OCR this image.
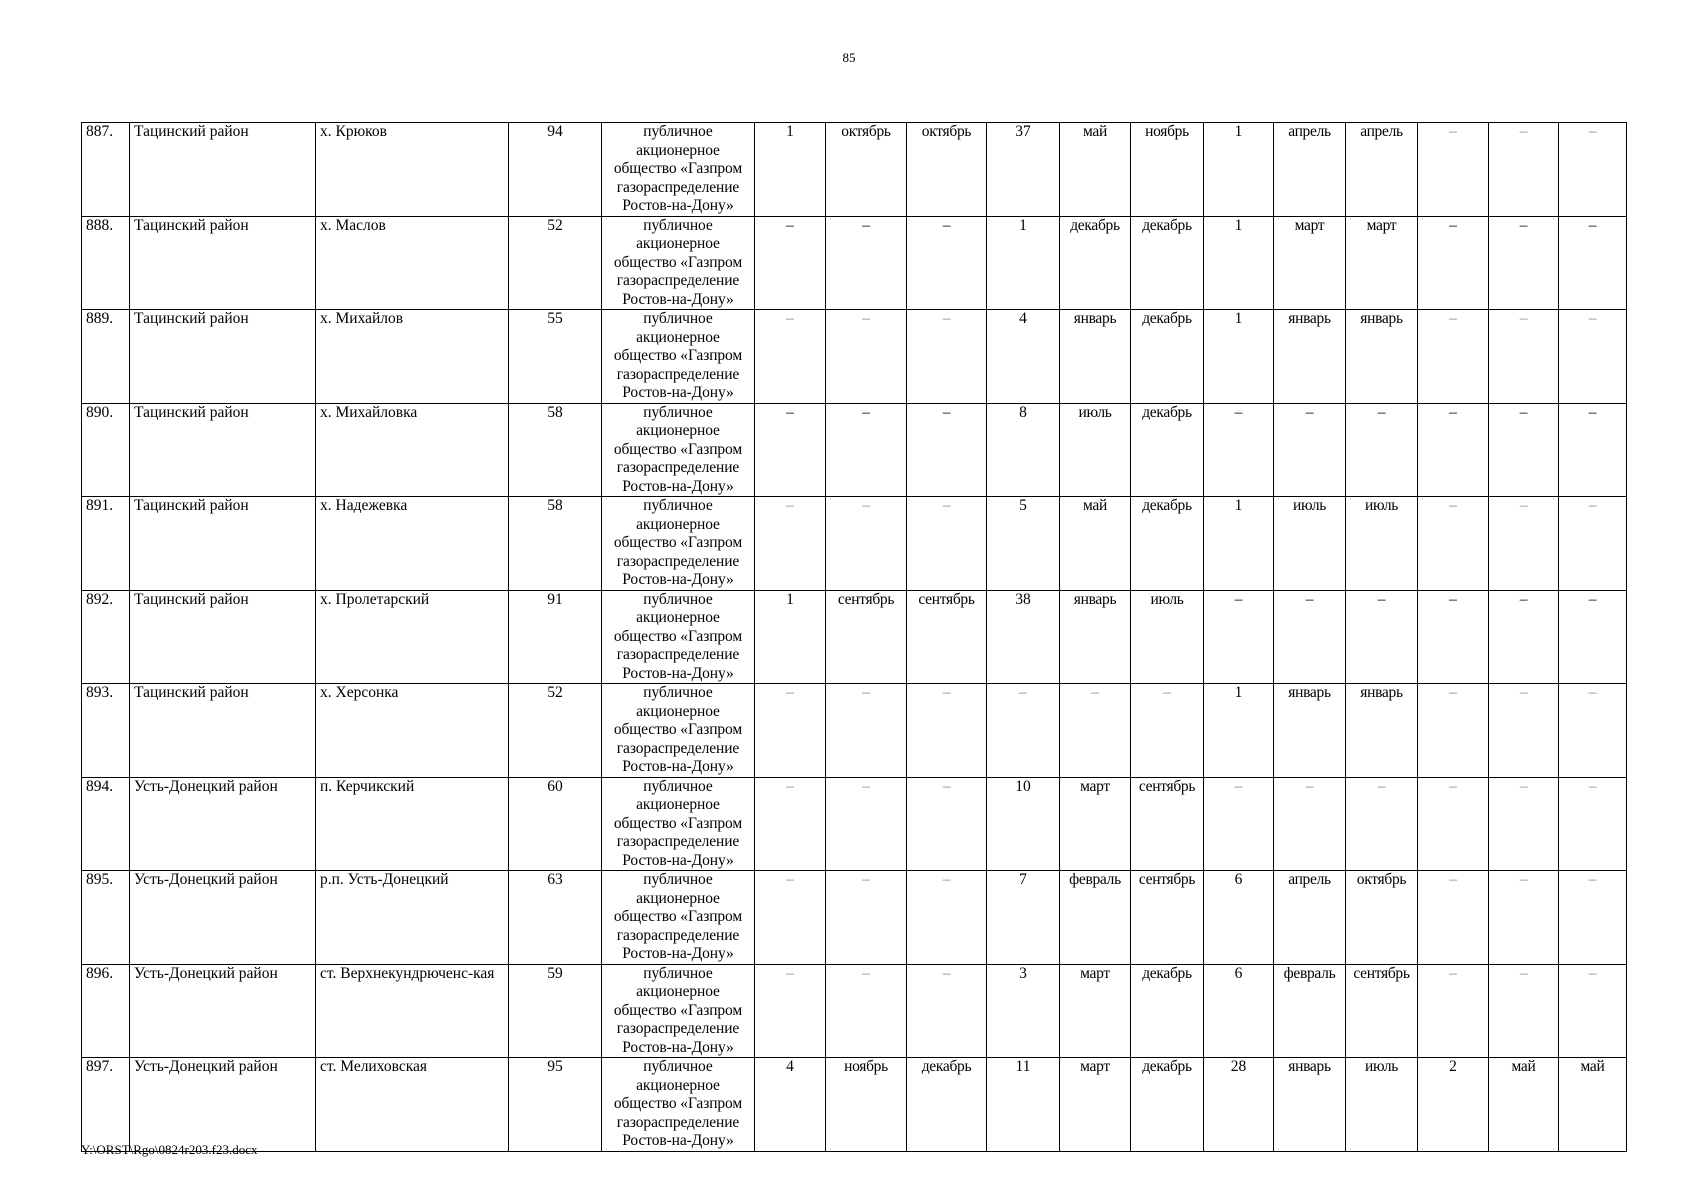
85
887.	Тацинский район	х. Крюков	94	публичное акционерное общество «Газпром газораспределение Ростов-на-Дону»	1	октябрь	октябрь	37	май	ноябрь	1	апрель	апрель	–	–	–
888.	Тацинский район	х. Маслов	52	публичное акционерное общество «Газпром газораспределение Ростов-на-Дону»	–	–	–	1	декабрь	декабрь	1	март	март	–	–	–
889.	Тацинский район	х. Михайлов	55	публичное акционерное общество «Газпром газораспределение Ростов-на-Дону»	–	–	–	4	январь	декабрь	1	январь	январь	–	–	–
890.	Тацинский район	х. Михайловка	58	публичное акционерное общество «Газпром газораспределение Ростов-на-Дону»	–	–	–	8	июль	декабрь	–	–	–	–	–	–
891.	Тацинский район	х. Надежевка	58	публичное акционерное общество «Газпром газораспределение Ростов-на-Дону»	–	–	–	5	май	декабрь	1	июль	июль	–	–	–
892.	Тацинский район	х. Пролетарский	91	публичное акционерное общество «Газпром газораспределение Ростов-на-Дону»	1	сентябрь	сентябрь	38	январь	июль	–	–	–	–	–	–
893.	Тацинский район	х. Херсонка	52	публичное акционерное общество «Газпром газораспределение Ростов-на-Дону»	–	–	–	–	–	–	1	январь	январь	–	–	–
894.	Усть-Донецкий район	п. Керчикский	60	публичное акционерное общество «Газпром газораспределение Ростов-на-Дону»	–	–	–	10	март	сентябрь	–	–	–	–	–	–
895.	Усть-Донецкий район	р.п. Усть-Донецкий	63	публичное акционерное общество «Газпром газораспределение Ростов-на-Дону»	–	–	–	7	февраль	сентябрь	6	апрель	октябрь	–	–	–
896.	Усть-Донецкий район	ст. Верхнекундрюченс-кая	59	публичное акционерное общество «Газпром газораспределение Ростов-на-Дону»	–	–	–	3	март	декабрь	6	февраль	сентябрь	–	–	–
897.	Усть-Донецкий район	ст. Мелиховская	95	публичное акционерное общество «Газпром газораспределение Ростов-на-Дону»	4	ноябрь	декабрь	11	март	декабрь	28	январь	июль	2	май	май
Y:\ORST\Rgo\0824r203.f23.docx
